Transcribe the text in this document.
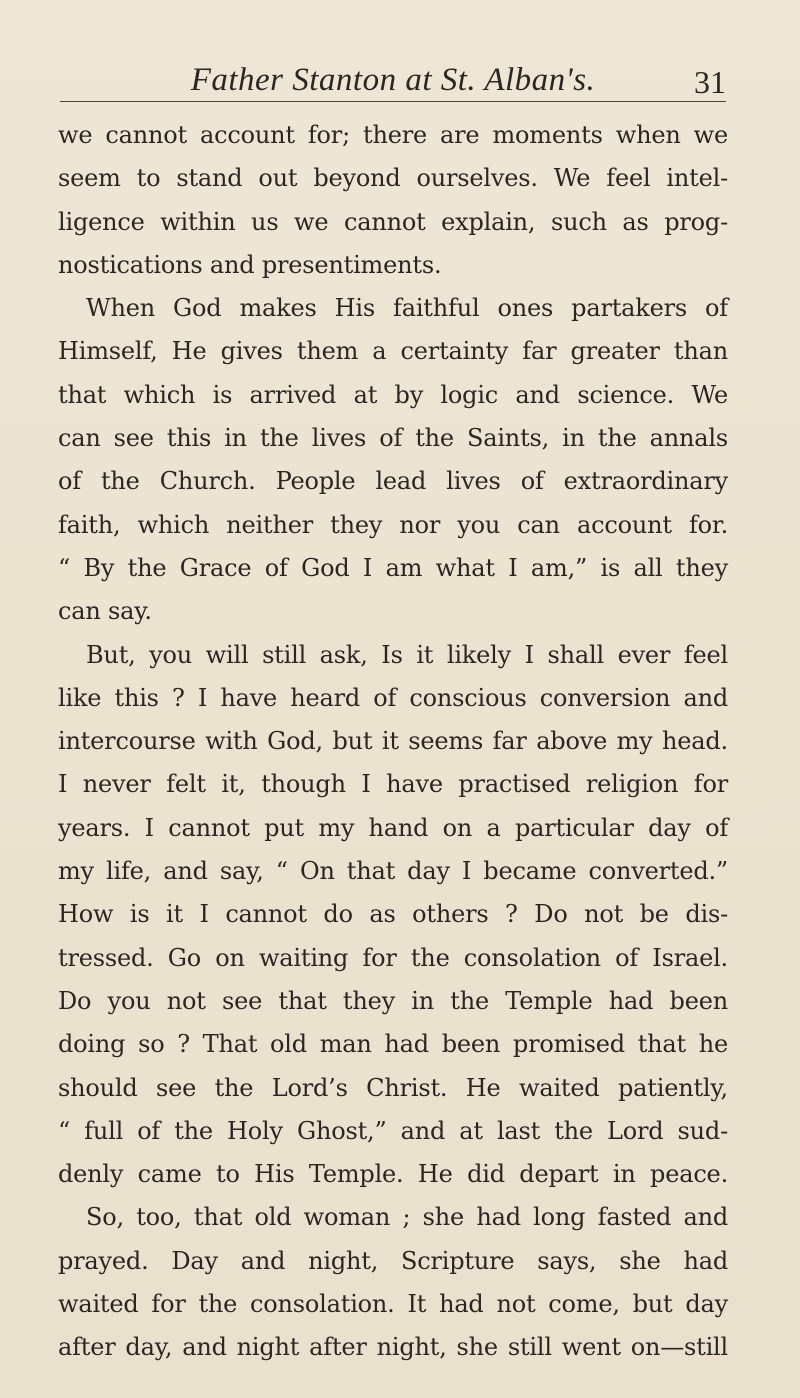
Father Stanton at St. Alban's.	31
we cannot account for; there are moments when we
seem to stand out beyond ourselves. We feel intel-
ligence within us we cannot explain, such as prog-
nostications and presentiments.
When God makes His faithful ones partakers of
Himself, He gives them a certainty far greater than
that which is arrived at by logic and science. We
can see this in the lives of the Saints, in the annals
of the Church. People lead lives of extraordinary
faith, which neither they nor you can account for.
“ By the Grace of God I am what I am,” is all they
can say.
But, you will still ask, Is it likely I shall ever feel
like this ? I have heard of conscious conversion and
intercourse with God, but it seems far above my head.
I never felt it, though I have practised religion for
years. I cannot put my hand on a particular day of
my life, and say, “ On that day I became converted.”
How is it I cannot do as others ? Do not be dis-
tressed. Go on waiting for the consolation of Israel.
Do you not see that they in the Temple had been
doing so ? That old man had been promised that he
should see the Lord’s Christ. He waited patiently,
“ full of the Holy Ghost,” and at last the Lord sud-
denly came to His Temple. He did depart in peace.
So, too, that old woman ; she had long fasted and
prayed. Day and night, Scripture says, she had
waited for the consolation. It had not come, but day
after day, and night after night, she still went on—still
